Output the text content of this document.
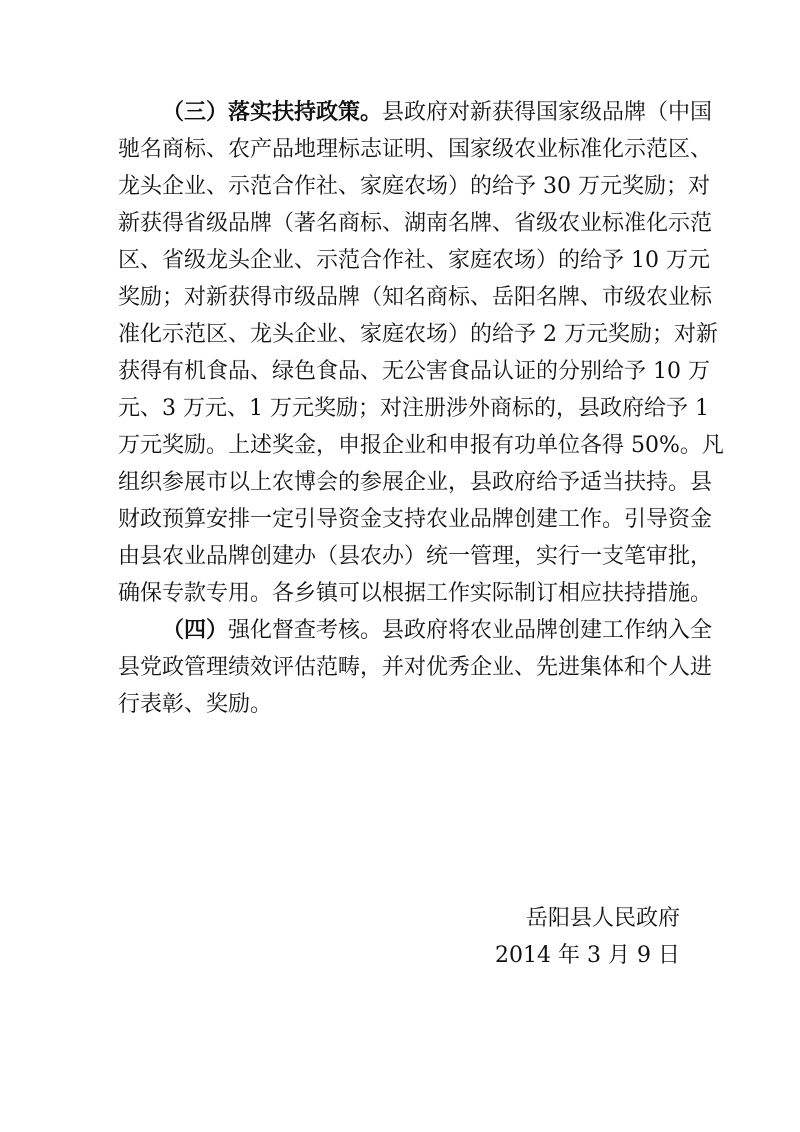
（三）落实扶持政策。县政府对新获得国家级品牌（中国
驰名商标、农产品地理标志证明、国家级农业标准化示范区、
龙头企业、示范合作社、家庭农场）的给予 30 万元奖励；对
新获得省级品牌（著名商标、湖南名牌、省级农业标准化示范
区、省级龙头企业、示范合作社、家庭农场）的给予 10 万元
奖励；对新获得市级品牌（知名商标、岳阳名牌、市级农业标
准化示范区、龙头企业、家庭农场）的给予 2 万元奖励；对新
获得有机食品、绿色食品、无公害食品认证的分别给予 10 万
元、3 万元、1 万元奖励；对注册涉外商标的，县政府给予 1
万元奖励。上述奖金，申报企业和申报有功单位各得 50%。凡
组织参展市以上农博会的参展企业，县政府给予适当扶持。县
财政预算安排一定引导资金支持农业品牌创建工作。引导资金
由县农业品牌创建办（县农办）统一管理，实行一支笔审批，
确保专款专用。各乡镇可以根据工作实际制订相应扶持措施。
（四）强化督查考核。县政府将农业品牌创建工作纳入全
县党政管理绩效评估范畴，并对优秀企业、先进集体和个人进
行表彰、奖励。
岳阳县人民政府
2014 年 3 月 9 日
